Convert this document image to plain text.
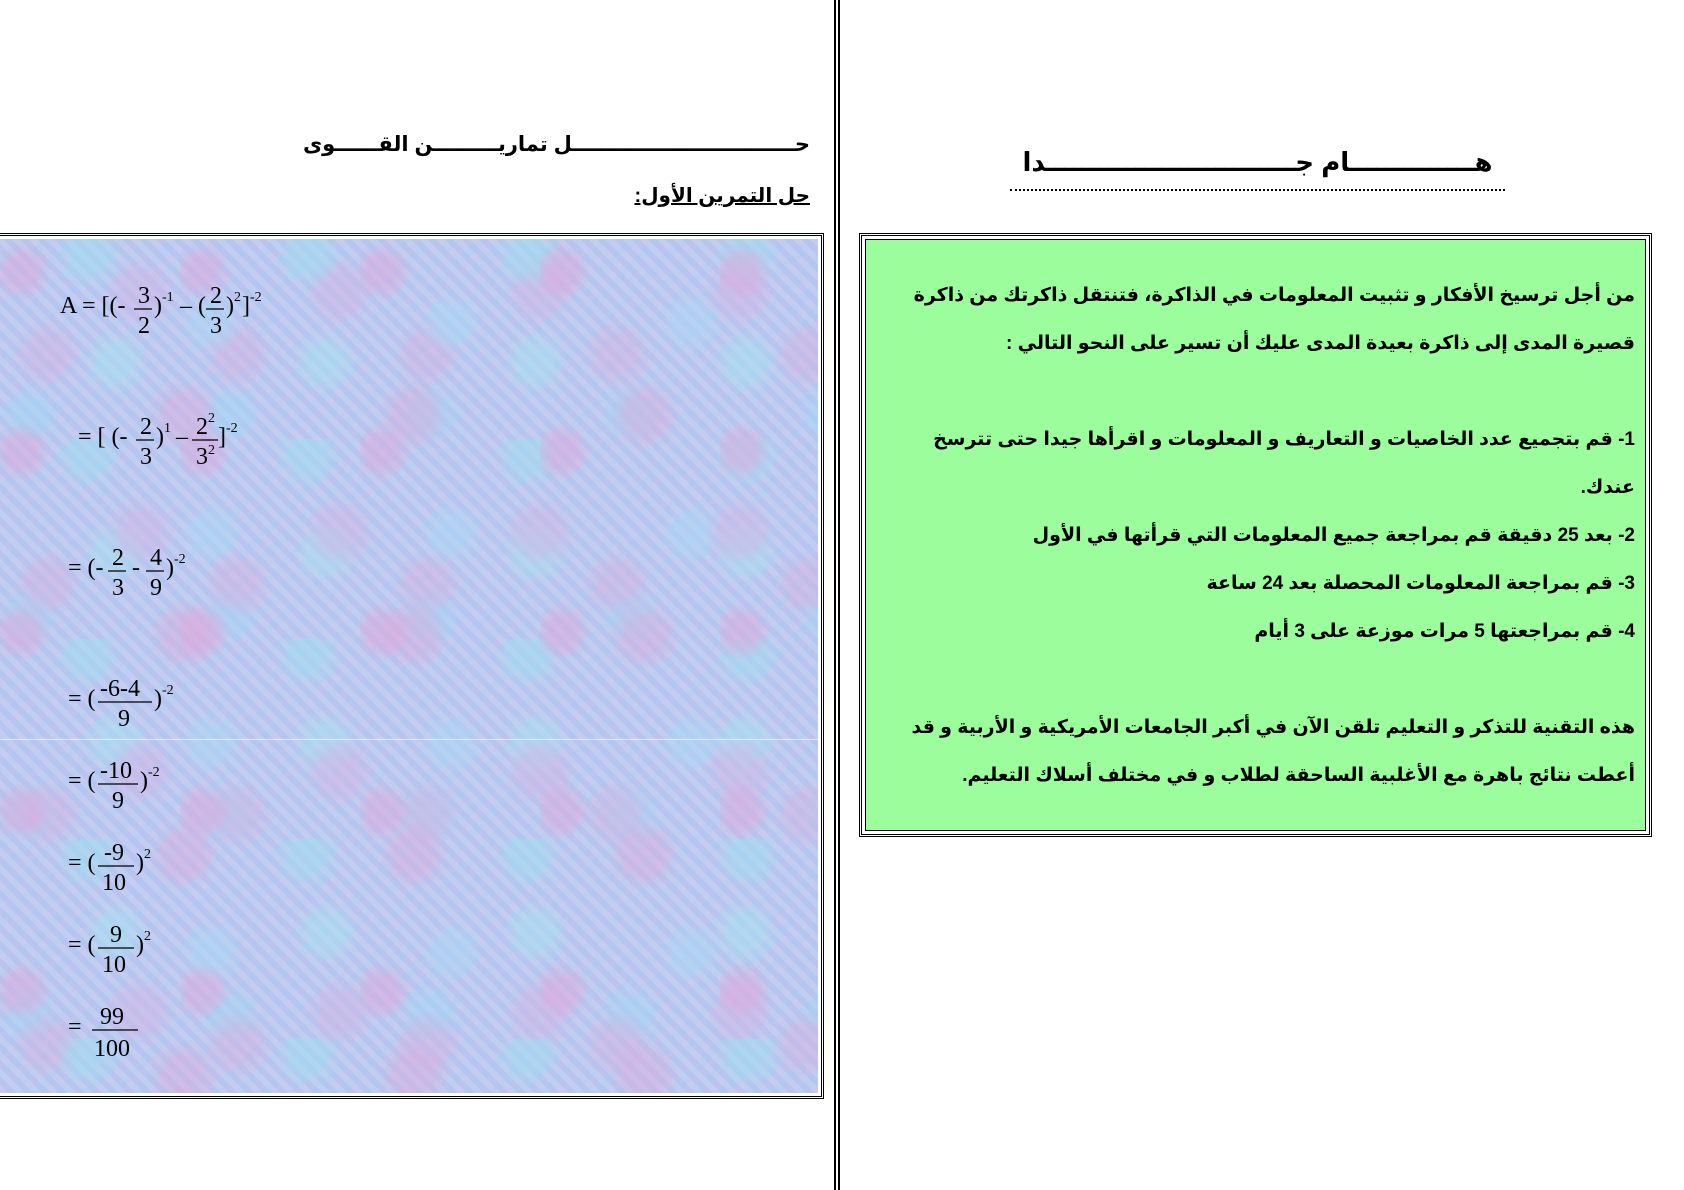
حـــــــــــــــــــــــــــــــل تماريـــــــــن القــــــوى
حل التمرين الأول:
A = [(- 3
2
) -1 – ( 2
3
) 2 ] -2
= [ (- 2
3
) 1 – 2 2
3 2
] -2
= (- 2
3
- 4
9
) -2
= ( -6-4
9
) -2
= ( -10
9
) -2
= ( -9
10
) 2
= ( 9
10
) 2
= 99
100
هــــــــــــــام جــــــــــــــــــــــــــــدا

من أجل ترسيخ الأفكار و تثبيت المعلومات في الذاكرة، فتنتقل ذاكرتك من ذاكرة قصيرة المدى إلى ذاكرة بعيدة المدى عليك أن تسير على النحو التالي :

1- قم بتجميع عدد الخاصيات و التعاريف و المعلومات و اقرأها جيدا حتى تترسخ عندك.

2- بعد 25 دقيقة قم بمراجعة جميع المعلومات التي قرأتها في الأول

3- قم بمراجعة المعلومات المحصلة بعد 24 ساعة

4- قم بمراجعتها 5 مرات موزعة على 3 أيام

هذه التقنية للتذكر و التعليم تلقن الآن في أكبر الجامعات الأمريكية و الأربية و قد أعطت نتائج باهرة مع الأغلبية الساحقة لطلاب و في مختلف أسلاك التعليم.
